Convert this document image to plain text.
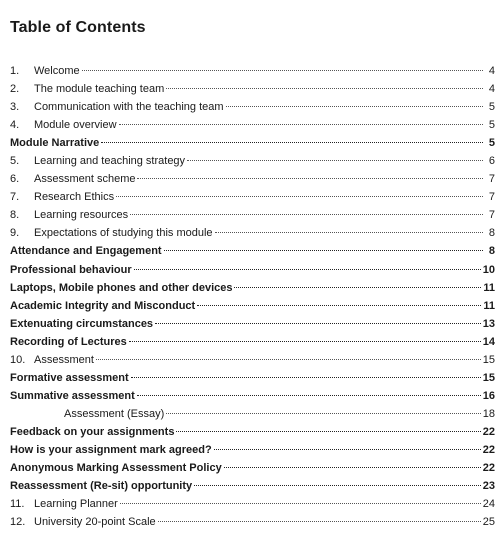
Table of Contents
1.	Welcome	4
2.	The module teaching team	4
3.	Communication with the teaching team	5
4.	Module overview	5
Module Narrative	5
5.	Learning and teaching strategy	6
6.	Assessment scheme	7
7.	Research Ethics	7
8.	Learning resources	7
9.	Expectations of studying this module	8
Attendance and Engagement	8
Professional behaviour	10
Laptops, Mobile phones and other devices	11
Academic Integrity and Misconduct	11
Extenuating circumstances	13
Recording of Lectures	14
10. Assessment	15
Formative assessment	15
Summative assessment	16
Assessment (Essay)	18
Feedback on your assignments	22
How is your assignment mark agreed?	22
Anonymous Marking Assessment Policy	22
Reassessment (Re-sit) opportunity	23
11. Learning Planner	24
12. University 20-point Scale	25
